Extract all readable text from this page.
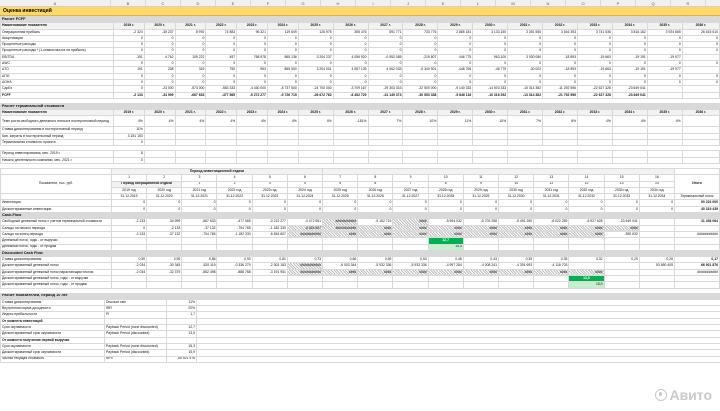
A	B	C	D	E	F	G	H	I	J	K	L	M	N	O	P	Q	R
Оценка инвестиций
Расчет FCFF																		
Наименование показателя	2019 г.	2020 г.	2021 г.	2022 г.	2023 г.	2024 г.	2025 г.	2026 г.	2027 г.	2028 г.	2029 г.	2030 г.	2031 г.	2032 г.	2033 г.	2034 г.	2035 г.	2036 г.
Операционная прибыль	-2 324	-35 237	8 992	74 883	96 321	119 649	126 975	355 476	591 771	733 776	2 885 181	3 133 150	3 351 550	3 516 393	3 741 536	3 816 162	3 924 665	26 615 610
Амортизация	0	0	0	0	0	0	0	0	0	0	0	0	0	0	0	0	0	0
Процентные расходы	0	0	0	0	0	0	0	0	0	0	0	0	0	0	0	0	0	0
Процентные расходы * (1-ставка налога на прибыль)	0	0	0	0	0	0	0	0	0	0	0	0	0	0	0	0	0	0
EBITDA	-191	4 762	109 222	497	768 978	865 136	3 204 237	4 056 920	-0 552 085	-219 807	446 775	963 100	3 930 080	-18 893	-19 663	-19 191	-19 977	
ΔWC	0	0	0	0	0	0	0	0	0	0	0	0	0	0	0	0	0	0
ΔТО	191	238	319	750	953	865 500	3 204 001	4 087 135	4 062 033	-5 340 901	-448 765	-46 775	-30 002	-18 893	-19 663	-19 191	-19 977	
ΔПО	0	0	0	0	0	0	0	0	0	0	0	0	0	0	0	0	0	0
ΔОНА	0	0	0	0	0	0	0	0	0	0	0	0	0	0	0	0	0	0
CapEx	0	-23 000	-573 000	-583 333	-4 430 000	-8 737 500	-24 700 000	-3 709 167	-29 303 333	-22 500 000	-9 140 333	-14 503 333	-10 314 382	-11 292 596	-22 627 328	-23 649 041		
FCFF	-2 133	-34 999	-667 633	-477 565	-5 272 277	-9 726 715	-26 672 762	-6 452 729	-31 149 373	-30 553 338	-5 846 116	-10 316 292	-13 314 382	-21 792 596	-22 627 328	-23 649 041		

Расчет терминальной стоимости																		
Наименование показателя	2019 г.	2020 г.	2021 г.	2022 г.	2023 г.	2024 г.	2025 г.	2026 г.	2027 г.	2028 г.	2029 г.	2030 г.	2031 г.	2032 г.	2033 г.	2034 г.	2035 г.	2036 г.
Темп роста свободного денежного потока в постпрогнозный период	4%	4%	4%	4%	4%	4%	4%	-151%	7%	10%	11%	10%	7%	6%	4%	4%	4%	
Ставка дисконтирования в постпрогнозный период	11%																	
Кап. затраты в постпрогнозный период	3 151 153																	
Терминальная стоимость проекта	0																	

Период инвестирования, мес. 2019 г.	8																	
Начало деятельности компании, мес. 2021 г.	0																	

	Период инвестиционной отдачи																
Показатели, тыс. руб.	1	2	3	4	5	6	7	8	9	10	11	12	13	14	15	16	Итого
	Период операционной отдачи		1	2	3	4	5	6	7	8	9	10	11	12	13	14	
	2019 год	2020 год	2021 год	2022 год	2023 год	2024 год	2025 год	2026 год	2027 год	2028 год	2029 год	2030 год	2031 год	2032 год	2033 год	2034 год	
	31.12.2019	31.12.2020	31.12.2021	31.12.2022	31.12.2023	31.12.2024	31.12.2025	31.12.2026	31.12.2027	31.12.2028	31.12.2029	31.12.2030	31.12.2031	31.12.2032	31.12.2033	31.12.2034	Терминальный поток
Инвестиции	0	0	0	0	0	0	0	0	0	0	0	0	0	0	0	0	90 224 000
Дисконтированные инвестиции	0	0	0	0	0	0	0	0	0	0	0	0	0	0	0	0	40 319 439
Cash-Flow																	
Свободный денежный поток с учетом терминальной стоимости	-2 133	-34 999	-667 633	-477 565	-0 212 277	-0 472 551	###########	-5 152 715	####	-5 594 032	-5 703 258	-5 491 250	-6 022 259	-6 927 628	-23 649 041		31 436 064
Сальдо на начало периода	0	-2 133	-37 132	-704 765	-1 182 330	-6 454 607	###########	####	####	####	####	####	####	####	####		
Сальдо на конец периода	-2 133	-37 132	-704 765	-1 182 330	-6 454 607	###########	####	####	####	####	####	####	####	####	-390 632		###########
Денежный поток, годы - от выручки										12,7							
Денежный поток, годы - от продаж										15,3							
Discounted Cash Flow																	
Ставка дисконтирования	0,50	0,95	0,86	0,90	0,81	0,73	0,66	0,59	0,53	0,48	0,43	0,39	0,35	0,32	0,29	0,26	0,17
Дисконтированный денежный поток	-2 034	-30 345	-520 119	-0 336 270	-2 303 183	###########	-6 003 344	-5 932 336	-5 933 336	-4 997 284	-4 008 241	-4 391 693	-4 118 703			53 650 405	66 921 876
Дисконтированный денежный поток нарастающим итогом	-2 034	-32 379	-552 498	-888 768	-3 191 951	###########	####	####	####	####	####	####	####	####			###########
Дисконтированный денежный поток, годы - от выручки														13,5			
Дисконтированный денежный поток, годы - от продаж														15,9			

Расчет показателей, период 10 лет			
Ставка дисконтирования	Discount rate	11%	
Внутренняя норма доходности	IRR	20%	
Индекс прибыльности	PI	1,7	
От момента инвестиций			
Срок окупаемости	Payback Period (none discounted)	12,7	
Дисконтированный срок окупаемости	Payback Period (discounted)	13,5	
От момента получения первой выручки			
Срок окупаемости	Payback Period (none discounted)	15,3	
Дисконтированный срок окупаемости	Payback Period (discounted)	15,9	
Чистая текущая стоимость	NPV	-55 921 976	
Авито
